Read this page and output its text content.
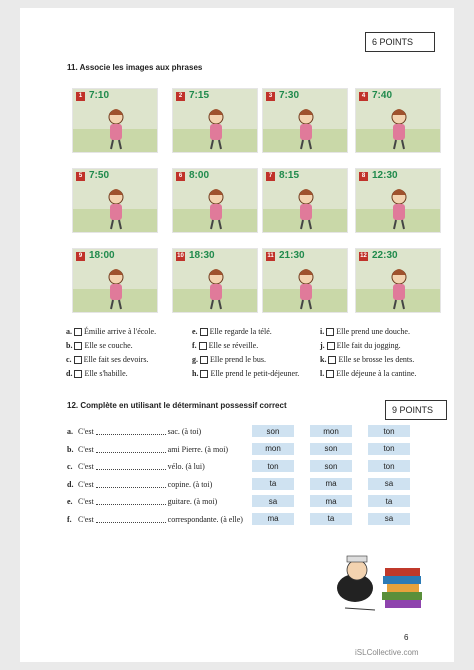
6 POINTS
11. Associe les images aux phrases
1 7:10	2 7:15	3 7:30	4 7:40
5 7:50	6 8:00	7 8:15	8 12:30
9 18:00	10 18:30	11 21:30	12 22:30
a. Émilie arrive à l'école.	e. Elle regarde la télé.	i. Elle prend une douche.
b. Elle se couche.	f. Elle se réveille.	j. Elle fait du jogging.
c. Elle fait ses devoirs.	g. Elle prend le bus.	k. Elle se brosse les dents.
d. Elle s'habille.	h. Elle prend le petit-déjeuner.	l. Elle déjeune à la cantine.
12. Complète en utilisant le déterminant possessif correct	9 POINTS
a. C'est	sac. (à toi)	son	mon	ton
b. C'est	ami Pierre. (à moi)	mon	son	ton
c. C'est	vélo. (à lui)	ton	son	ton
d. C'est	copine. (à toi)	ta	ma	sa
e. C'est	guitare. (à moi)	sa	ma	ta
f. C'est	correspondante. (à elle)	ma	ta	sa
6
iSLCollective.com
